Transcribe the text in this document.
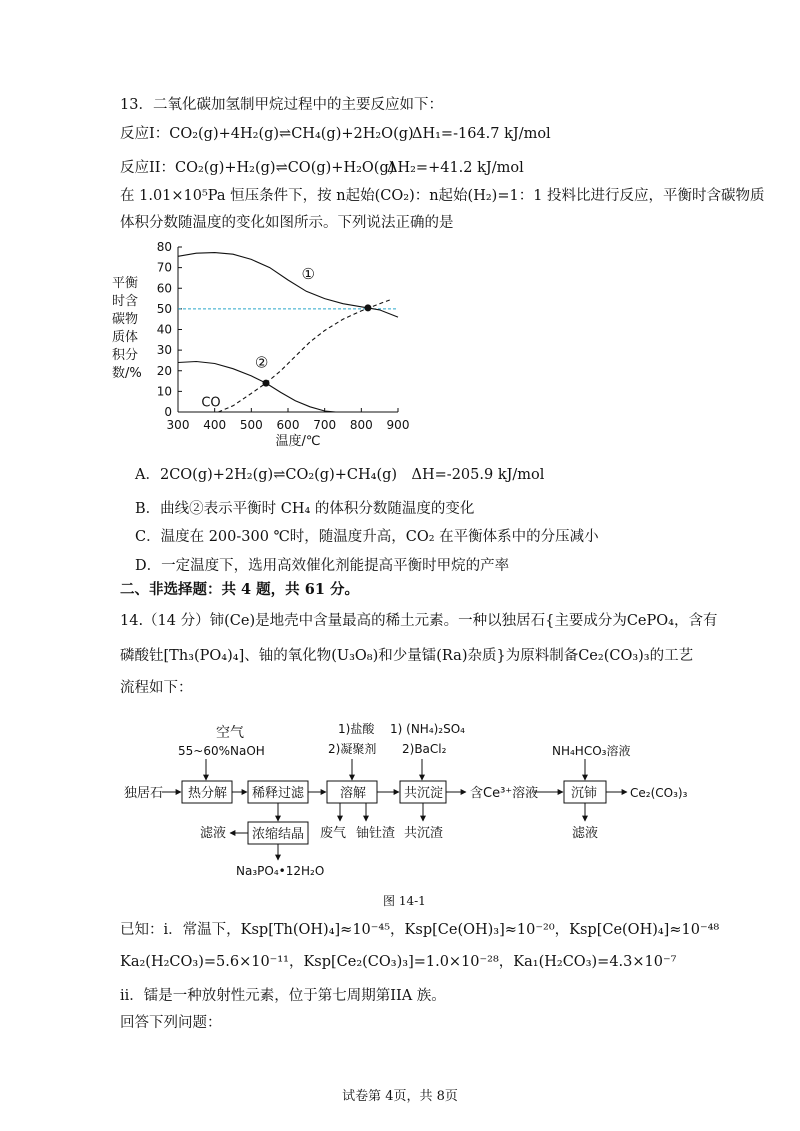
13．二氧化碳加氢制甲烷过程中的主要反应如下：
反应I：CO₂(g)+4H₂(g)⇌CH₄(g)+2H₂O(g)
ΔH₁=-164.7 kJ/mol
反应II：CO₂(g)+H₂(g)⇌CO(g)+H₂O(g)
ΔH₂=+41.2 kJ/mol
在 1.01×10⁵Pa 恒压条件下，按 n起始(CO₂)：n起始(H₂)=1：1 投料比进行反应，平衡时含碳物质
体积分数随温度的变化如图所示。下列说法正确的是
0
10
20
30
40
50
60
70
80
300 400 500 600 700 800 900
温度/℃
平衡
时含
碳物
质体
积分
数/%
①
②
CO
A．2CO(g)+2H₂(g)⇌CO₂(g)+CH₄(g)　ΔH=-205.9 kJ/mol
B．曲线②表示平衡时 CH₄ 的体积分数随温度的变化
C．温度在 200-300 ℃时，随温度升高，CO₂ 在平衡体系中的分压减小
D．一定温度下，选用高效催化剂能提高平衡时甲烷的产率
二、非选择题：共 4 题，共 61 分。
14.（14 分）铈(Ce)是地壳中含量最高的稀土元素。一种以独居石{主要成分为CePO₄，含有
磷酸钍[Th₃(PO₄)₄]、铀的氧化物(U₃O₈)和少量镭(Ra)杂质}为原料制备Ce₂(CO₃)₃的工艺
流程如下：
空气
55~60%NaOH
1)盐酸
2)凝聚剂
1) (NH₄)₂SO₄
2)BaCl₂	NH₄HCO₃溶液
独居石 热分解 稀释过滤	溶解	共沉淀 含Ce³⁺溶液	沉铈	Ce₂(CO₃)₃
滤液 浓缩结晶
Na₃PO₄•12H₂O
废气 铀钍渣 共沉渣	滤液
图 14-1
已知：i．常温下，Ksp[Th(OH)₄]≈10⁻⁴⁵，Ksp[Ce(OH)₃]≈10⁻²⁰，Ksp[Ce(OH)₄]≈10⁻⁴⁸
Ka₂(H₂CO₃)=5.6×10⁻¹¹，Ksp[Ce₂(CO₃)₃]=1.0×10⁻²⁸，Ka₁(H₂CO₃)=4.3×10⁻⁷
ii．镭是一种放射性元素，位于第七周期第IIA 族。
回答下列问题：
试卷第 4页，共 8页
